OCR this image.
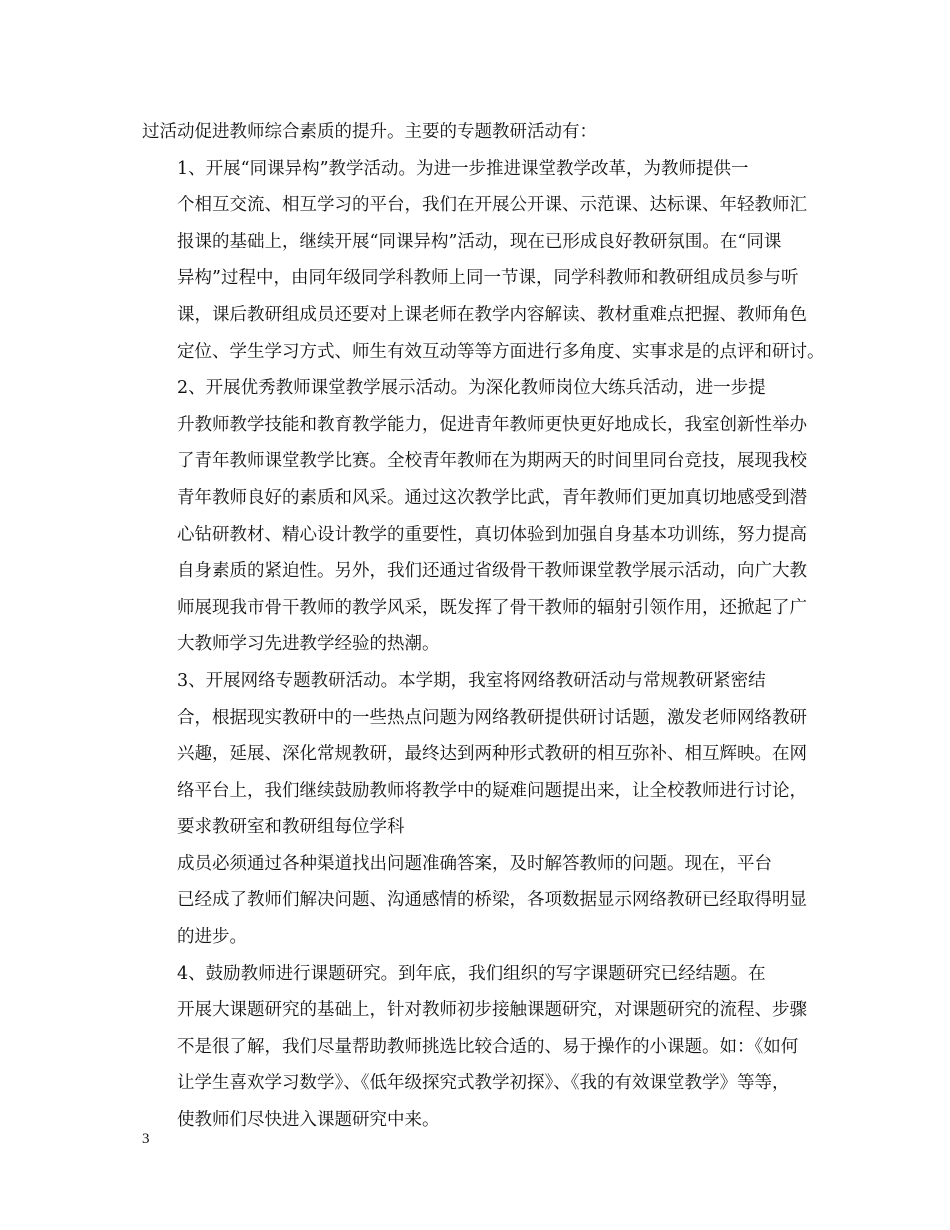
过活动促进教师综合素质的提升。主要的专题教研活动有：

1、开展“同课异构”教学活动。为进一步推进课堂教学改革，为教师提供一
个相互交流、相互学习的平台，我们在开展公开课、示范课、达标课、年轻教师汇
报课的基础上，继续开展“同课异构”活动，现在已形成良好教研氛围。在“同课
异构”过程中，由同年级同学科教师上同一节课，同学科教师和教研组成员参与听
课，课后教研组成员还要对上课老师在教学内容解读、教材重难点把握、教师角色
定位、学生学习方式、师生有效互动等等方面进行多角度、实事求是的点评和研讨。

2、开展优秀教师课堂教学展示活动。为深化教师岗位大练兵活动，进一步提
升教师教学技能和教育教学能力，促进青年教师更快更好地成长，我室创新性举办
了青年教师课堂教学比赛。全校青年教师在为期两天的时间里同台竞技，展现我校
青年教师良好的素质和风采。通过这次教学比武，青年教师们更加真切地感受到潜
心钻研教材、精心设计教学的重要性，真切体验到加强自身基本功训练，努力提高
自身素质的紧迫性。另外，我们还通过省级骨干教师课堂教学展示活动，向广大教
师展现我市骨干教师的教学风采，既发挥了骨干教师的辐射引领作用，还掀起了广
大教师学习先进教学经验的热潮。

3、开展网络专题教研活动。本学期，我室将网络教研活动与常规教研紧密结
合，根据现实教研中的一些热点问题为网络教研提供研讨话题，激发老师网络教研
兴趣，延展、深化常规教研，最终达到两种形式教研的相互弥补、相互辉映。在网
络平台上，我们继续鼓励教师将教学中的疑难问题提出来，让全校教师进行讨论，
要求教研室和教研组每位学科

成员必须通过各种渠道找出问题准确答案，及时解答教师的问题。现在，平台
已经成了教师们解决问题、沟通感情的桥梁，各项数据显示网络教研已经取得明显
的进步。

4、鼓励教师进行课题研究。到年底，我们组织的写字课题研究已经结题。在
开展大课题研究的基础上，针对教师初步接触课题研究，对课题研究的流程、步骤
不是很了解，我们尽量帮助教师挑选比较合适的、易于操作的小课题。如：《如何
让学生喜欢学习数学》、《低年级探究式教学初探》、《我的有效课堂教学》等等，
使教师们尽快进入课题研究中来。

3
